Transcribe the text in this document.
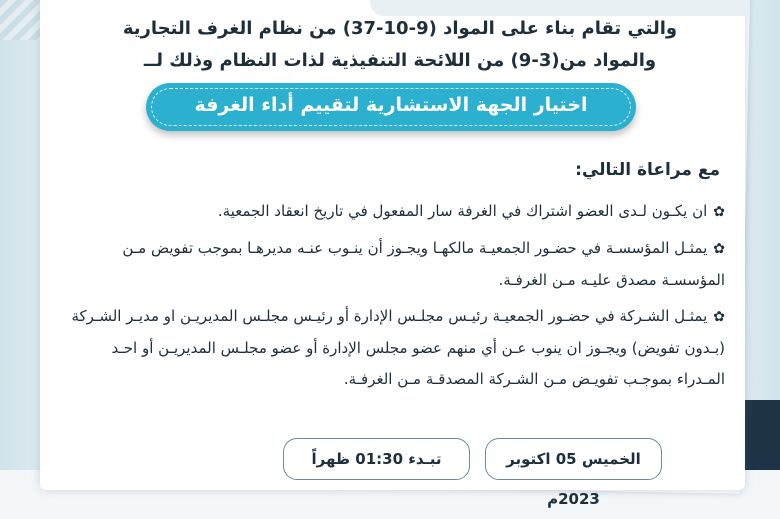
والتي تقام بناء على المواد (9-10-37) من نظام الغرف التجارية
والمواد من(3-9) من اللائحة التنفيذية لذات النظام وذلك لــ
اختيار الجهة الاستشارية لتقييم أداء الغرفة
مع مراعاة التالي:
✿ان يكـون لـدى العضو اشتراك في الغرفة سار المفعول في تاريخ انعقاد الجمعية.
✿يمثـل المؤسسـة في حضـور الجمعيـة مالكهـا ويجـوز أن ينـوب عنـه مديرهـا بموجب تفويض مـن المؤسسـة مصدق عليـه مـن الغرفـة.
✿يمثـل الشـركة في حضـور الجمعيـة رئيـس مجلـس الإدارة أو رئيـس مجلـس المديريـن او مديـر الشـركة (بـدون تفويض) ويجـوز ان ينوب عـن أي منهم عضو مجلس الإدارة أو عضو مجلـس المديريـن أو احـد المـدراء بموجـب تفويـض مـن الشـركة المصدقـة مـن الغرفـة.
الخميس 05 اكتوبر 2023م
تبـدء 01:30 ظهراً
